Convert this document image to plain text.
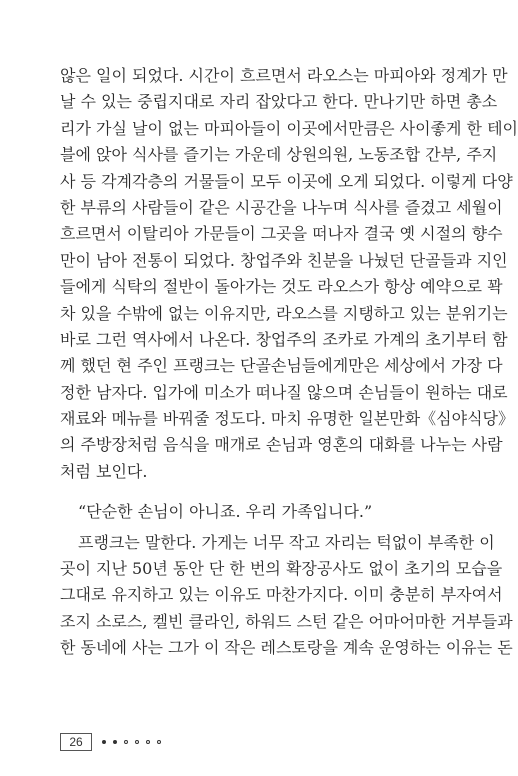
않은 일이 되었다. 시간이 흐르면서 라오스는 마피아와 정계가 만
날 수 있는 중립지대로 자리 잡았다고 한다. 만나기만 하면 총소
리가 가실 날이 없는 마피아들이 이곳에서만큼은 사이좋게 한 테이
블에 앉아 식사를 즐기는 가운데 상원의원, 노동조합 간부, 주지
사 등 각계각층의 거물들이 모두 이곳에 오게 되었다. 이렇게 다양
한 부류의 사람들이 같은 시공간을 나누며 식사를 즐겼고 세월이
흐르면서 이탈리아 가문들이 그곳을 떠나자 결국 옛 시절의 향수
만이 남아 전통이 되었다. 창업주와 친분을 나눴던 단골들과 지인
들에게 식탁의 절반이 돌아가는 것도 라오스가 항상 예약으로 꽉
차 있을 수밖에 없는 이유지만, 라오스를 지탱하고 있는 분위기는
바로 그런 역사에서 나온다. 창업주의 조카로 가계의 초기부터 함
께 했던 현 주인 프랭크는 단골손님들에게만은 세상에서 가장 다
정한 남자다. 입가에 미소가 떠나질 않으며 손님들이 원하는 대로
재료와 메뉴를 바꿔줄 정도다. 마치 유명한 일본만화《심야식당》
의 주방장처럼 음식을 매개로 손님과 영혼의 대화를 나누는 사람
처럼 보인다.
“단순한 손님이 아니죠. 우리 가족입니다.”
프랭크는 말한다. 가게는 너무 작고 자리는 턱없이 부족한 이
곳이 지난 50년 동안 단 한 번의 확장공사도 없이 초기의 모습을
그대로 유지하고 있는 이유도 마찬가지다. 이미 충분히 부자여서
조지 소로스, 켈빈 클라인, 하워드 스턴 같은 어마어마한 거부들과
한 동네에 사는 그가 이 작은 레스토랑을 계속 운영하는 이유는 돈
26
